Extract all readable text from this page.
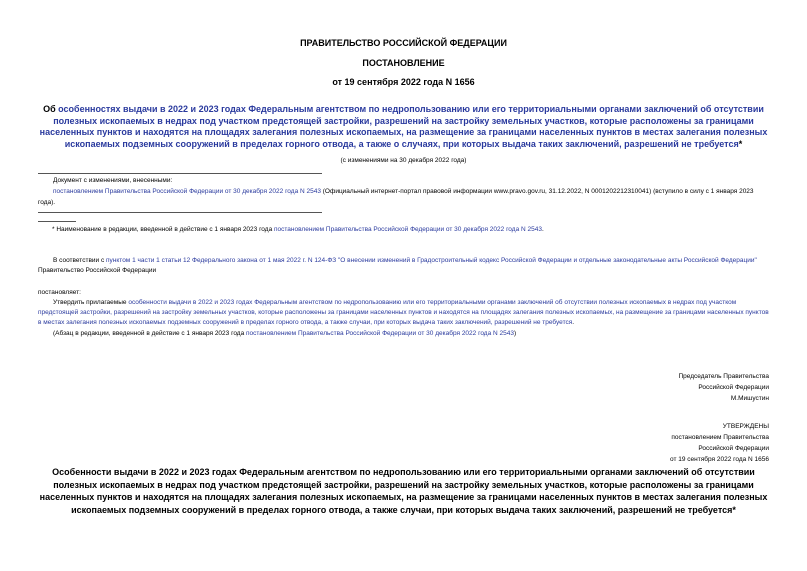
ПРАВИТЕЛЬСТВО РОССИЙСКОЙ ФЕДЕРАЦИИ
ПОСТАНОВЛЕНИЕ
от 19 сентября 2022 года N 1656
Об особенностях выдачи в 2022 и 2023 годах Федеральным агентством по недропользованию или его территориальными органами заключений об отсутствии полезных ископаемых в недрах под участком предстоящей застройки, разрешений на застройку земельных участков, которые расположены за границами населенных пунктов и находятся на площадях залегания полезных ископаемых, на размещение за границами населенных пунктов в местах залегания полезных ископаемых подземных сооружений в пределах горного отвода, а также о случаях, при которых выдача таких заключений, разрешений не требуется*
(с изменениями на 30 декабря 2022 года)
Документ с изменениями, внесенными:
постановлением Правительства Российской Федерации от 30 декабря 2022 года N 2543 (Официальный интернет-портал правовой информации www.pravo.gov.ru, 31.12.2022, N 0001202212310041) (вступило в силу с 1 января 2023 года).
* Наименование в редакции, введенной в действие с 1 января 2023 года постановлением Правительства Российской Федерации от 30 декабря 2022 года N 2543.
В соответствии с пунктом 1 части 1 статьи 12 Федерального закона от 1 мая 2022 г. N 124-ФЗ "О внесении изменений в Градостроительный кодекс Российской Федерации и отдельные законодательные акты Российской Федерации" Правительство Российской Федерации
постановляет:
Утвердить прилагаемые особенности выдачи в 2022 и 2023 годах Федеральным агентством по недропользованию или его территориальными органами заключений об отсутствии полезных ископаемых в недрах под участком предстоящей застройки, разрешений на застройку земельных участков, которые расположены за границами населенных пунктов и находятся на площадях залегания полезных ископаемых, на размещение за границами населенных пунктов в местах залегания полезных ископаемых подземных сооружений в пределах горного отвода, а также случаи, при которых выдача таких заключений, разрешений не требуется.
(Абзац в редакции, введенной в действие с 1 января 2023 года постановлением Правительства Российской Федерации от 30 декабря 2022 года N 2543)
Председатель Правительства
Российской Федерации
М.Мишустин
УТВЕРЖДЕНЫ
постановлением Правительства
Российской Федерации
от 19 сентября 2022 года N 1656
Особенности выдачи в 2022 и 2023 годах Федеральным агентством по недропользованию или его территориальными органами заключений об отсутствии полезных ископаемых в недрах под участком предстоящей застройки, разрешений на застройку земельных участков, которые расположены за границами населенных пунктов и находятся на площадях залегания полезных ископаемых, на размещение за границами населенных пунктов в местах залегания полезных ископаемых подземных сооружений в пределах горного отвода, а также случаи, при которых выдача таких заключений, разрешений не требуется*
